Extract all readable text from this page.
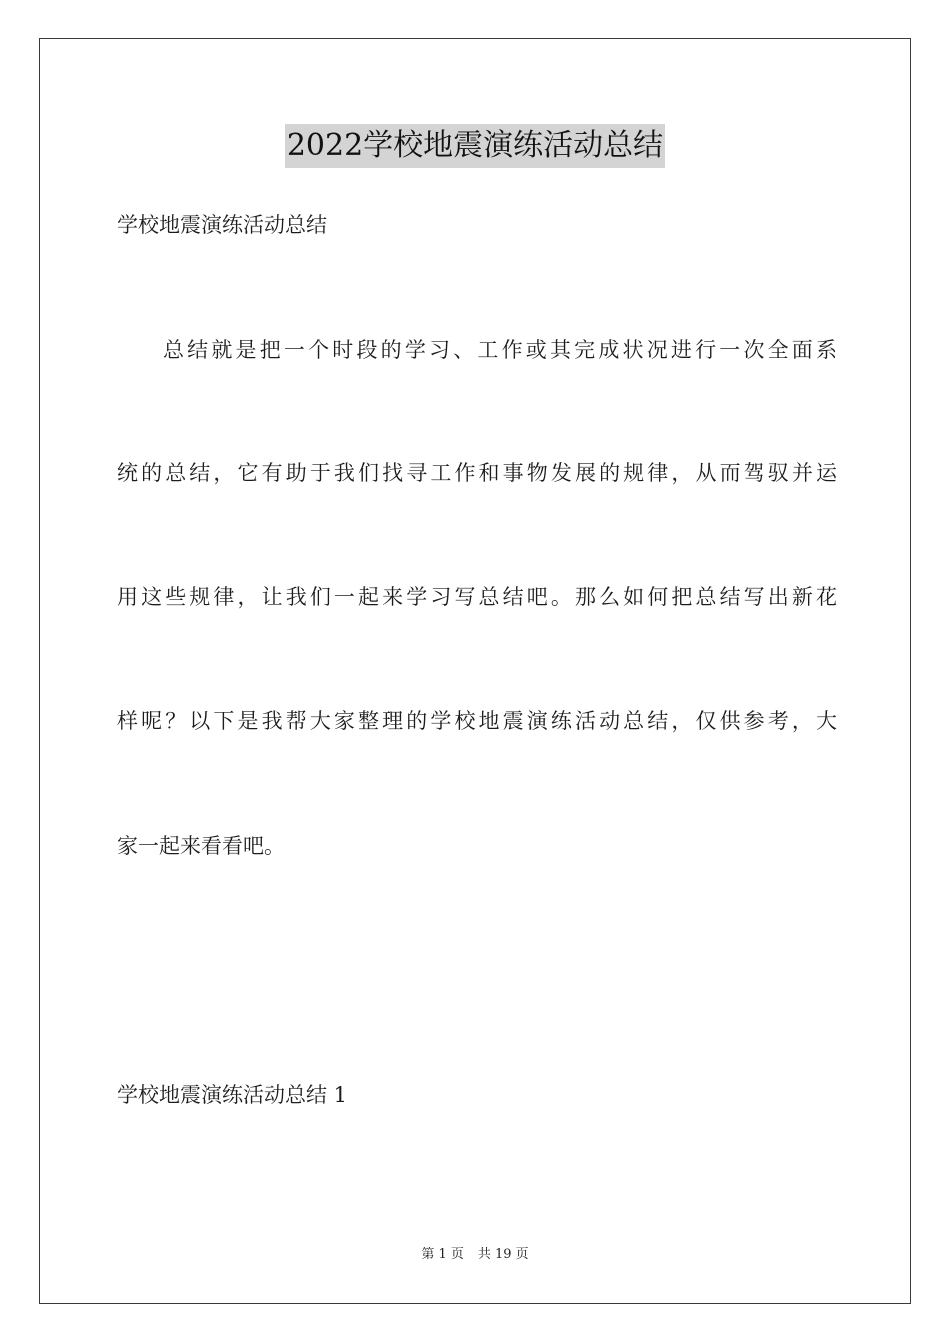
2022学校地震演练活动总结
学校地震演练活动总结
总结就是把一个时段的学习、工作或其完成状况进行一次全面系
统的总结，它有助于我们找寻工作和事物发展的规律，从而驾驭并运
用这些规律，让我们一起来学习写总结吧。那么如何把总结写出新花
样呢？以下是我帮大家整理的学校地震演练活动总结，仅供参考，大
家一起来看看吧。
学校地震演练活动总结 1
第 1 页 共 19 页
